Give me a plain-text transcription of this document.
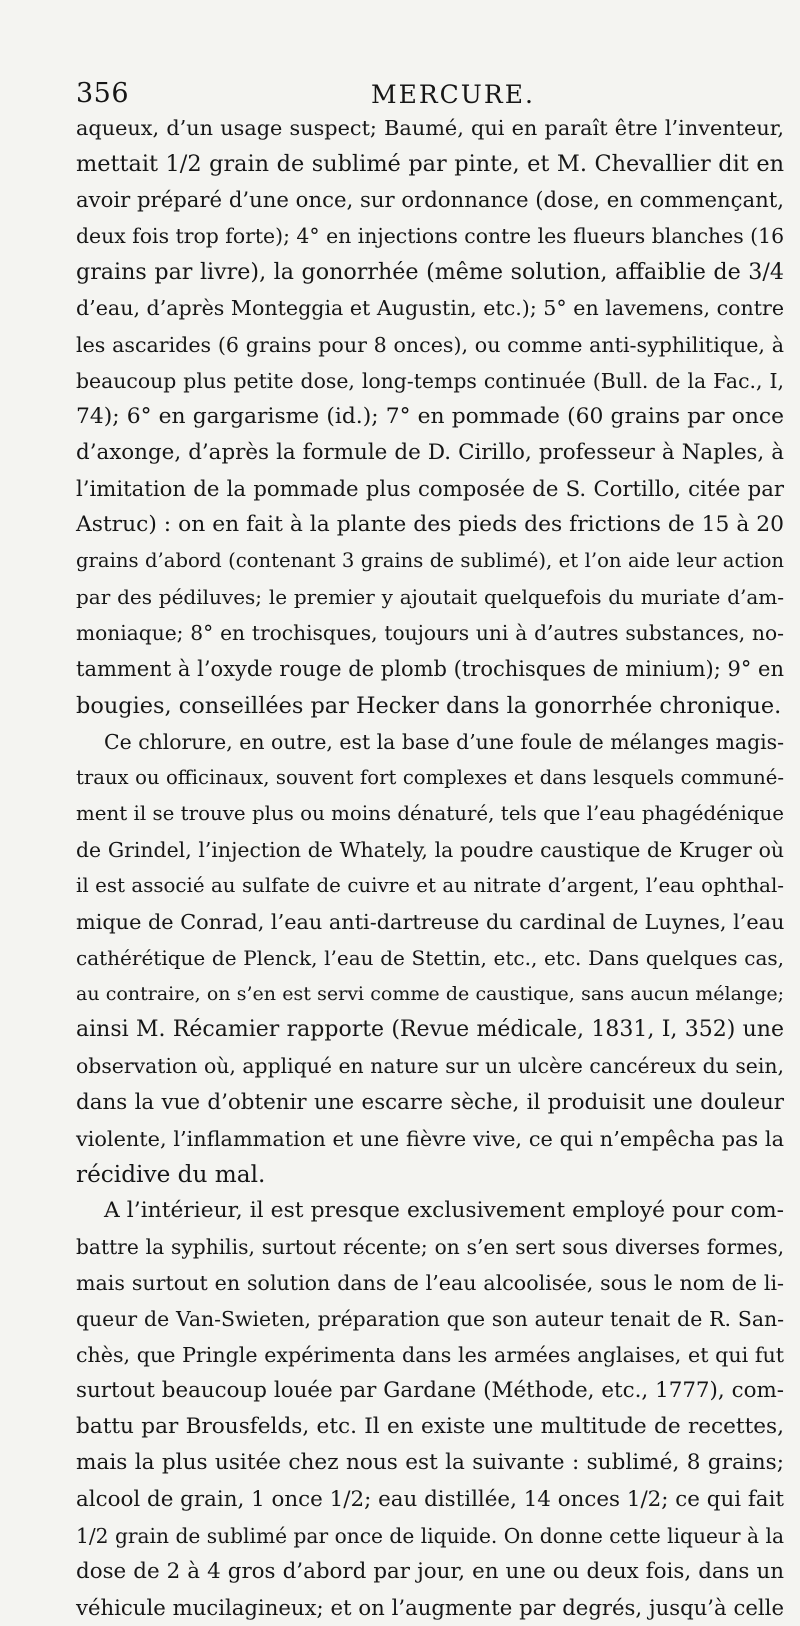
356	MERCURE.

aqueux, d’un usage suspect; Baumé, qui en paraît être l’inventeur,

mettait 1/2 grain de sublimé par pinte, et M. Chevallier dit en

avoir préparé d’une once, sur ordonnance (dose, en commençant,

deux fois trop forte); 4° en injections contre les flueurs blanches (16

grains par livre), la gonorrhée (même solution, affaiblie de 3/4

d’eau, d’après Monteggia et Augustin, etc.); 5° en lavemens, contre

les ascarides (6 grains pour 8 onces), ou comme anti-syphilitique, à

beaucoup plus petite dose, long-temps continuée (Bull. de la Fac., I,

74); 6° en gargarisme (id.); 7° en pommade (60 grains par once

d’axonge, d’après la formule de D. Cirillo, professeur à Naples, à

l’imitation de la pommade plus composée de S. Cortillo, citée par

Astruc) : on en fait à la plante des pieds des frictions de 15 à 20

grains d’abord (contenant 3 grains de sublimé), et l’on aide leur action

par des pédiluves; le premier y ajoutait quelquefois du muriate d’am-

moniaque; 8° en trochisques, toujours uni à d’autres substances, no-

tamment à l’oxyde rouge de plomb (trochisques de minium); 9° en

bougies, conseillées par Hecker dans la gonorrhée chronique.

Ce chlorure, en outre, est la base d’une foule de mélanges magis-

traux ou officinaux, souvent fort complexes et dans lesquels communé-

ment il se trouve plus ou moins dénaturé, tels que l’eau phagédénique

de Grindel, l’injection de Whately, la poudre caustique de Kruger où

il est associé au sulfate de cuivre et au nitrate d’argent, l’eau ophthal-

mique de Conrad, l’eau anti-dartreuse du cardinal de Luynes, l’eau

cathérétique de Plenck, l’eau de Stettin, etc., etc. Dans quelques cas,

au contraire, on s’en est servi comme de caustique, sans aucun mélange;

ainsi M. Récamier rapporte (Revue médicale, 1831, I, 352) une

observation où, appliqué en nature sur un ulcère cancéreux du sein,

dans la vue d’obtenir une escarre sèche, il produisit une douleur

violente, l’inflammation et une fièvre vive, ce qui n’empêcha pas la

récidive du mal.

A l’intérieur, il est presque exclusivement employé pour com-

battre la syphilis, surtout récente; on s’en sert sous diverses formes,

mais surtout en solution dans de l’eau alcoolisée, sous le nom de li-

queur de Van-Swieten, préparation que son auteur tenait de R. San-

chès, que Pringle expérimenta dans les armées anglaises, et qui fut

surtout beaucoup louée par Gardane (Méthode, etc., 1777), com-

battu par Brousfelds, etc. Il en existe une multitude de recettes,

mais la plus usitée chez nous est la suivante : sublimé, 8 grains;

alcool de grain, 1 once 1/2; eau distillée, 14 onces 1/2; ce qui fait

1/2 grain de sublimé par once de liquide. On donne cette liqueur à la

dose de 2 à 4 gros d’abord par jour, en une ou deux fois, dans un

véhicule mucilagineux; et on l’augmente par degrés, jusqu’à celle
